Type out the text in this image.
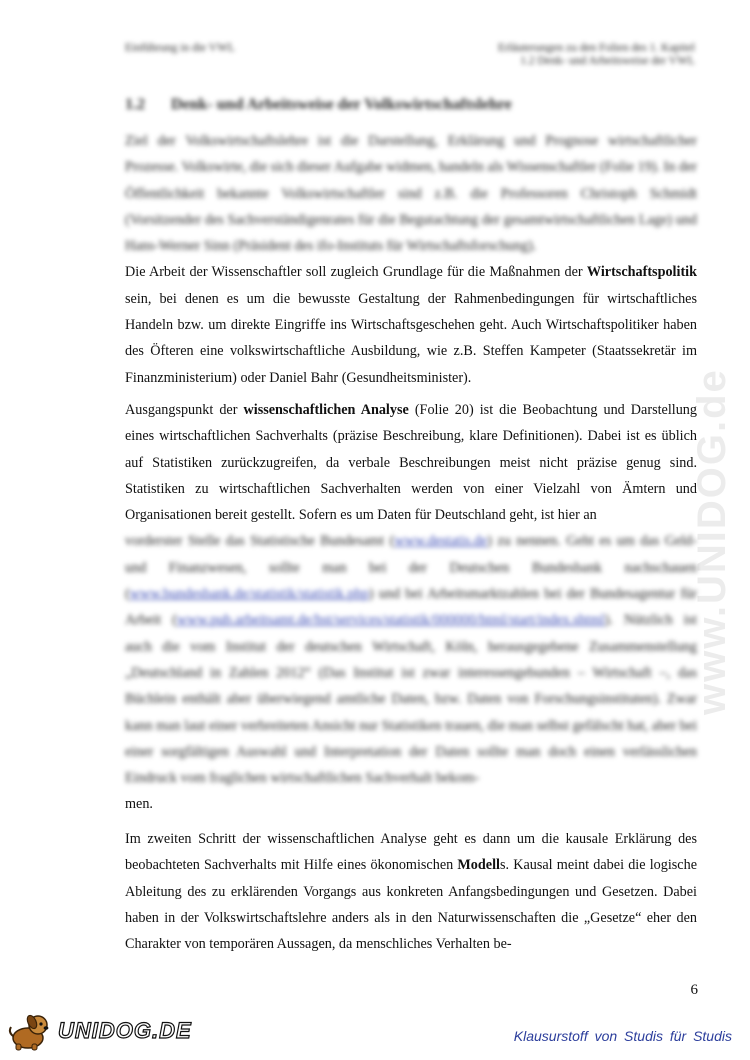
Einführung in die VWL	Erläuterungen zu den Folien des 1. Kapitel
1.2 Denk- und Arbeitsweise der VWL
1.2 Denk- und Arbeitsweise der Volkswirtschaftslehre
Ziel der Volkswirtschaftslehre ist die Darstellung, Erklärung und Prognose wirtschaftlicher Prozesse. Volkswirte, die sich dieser Aufgabe widmen, handeln als Wissenschaftler (Folie 19). In der Öffentlichkeit bekannte Volkswirtschaftler sind z.B. die Professoren Christoph Schmidt (Vorsitzender des Sachverständigenrates für die Begutachtung der gesamtwirtschaftlichen Lage) und Hans-Werner Sinn (Präsident des ifo-Instituts für Wirtschaftsforschung).
Die Arbeit der Wissenschaftler soll zugleich Grundlage für die Maßnahmen der Wirtschaftspolitik sein, bei denen es um die bewusste Gestaltung der Rahmenbedingungen für wirtschaftliches Handeln bzw. um direkte Eingriffe ins Wirtschaftsgeschehen geht. Auch Wirtschaftspolitiker haben des Öfteren eine volkswirtschaftliche Ausbildung, wie z.B. Steffen Kampeter (Staatssekretär im Finanzministerium) oder Daniel Bahr (Gesundheitsminister).
Ausgangspunkt der wissenschaftlichen Analyse (Folie 20) ist die Beobachtung und Darstellung eines wirtschaftlichen Sachverhalts (präzise Beschreibung, klare Definitionen). Dabei ist es üblich auf Statistiken zurückzugreifen, da verbale Beschreibungen meist nicht präzise genug sind. Statistiken zu wirtschaftlichen Sachverhalten werden von einer Vielzahl von Ämtern und Organisationen bereit gestellt. Sofern es um Daten für Deutschland geht, ist hier an
vorderster Stelle das Statistische Bundesamt (www.destatis.de) zu nennen. Geht es um das Geld- und Finanzwesen, sollte man bei der Deutschen Bundesbank nachschauen (www.bundesbank.de/statistik/statistik.php) und bei Arbeitsmarktzahlen bei der Bundesagentur für Arbeit (www.pub.arbeitsamt.de/hst/services/statistik/000000/html/start/index.shtml). Nützlich ist auch die vom Institut der deutschen Wirtschaft, Köln, herausgegebene Zusammenstellung „Deutschland in Zahlen 2012“ (Das Institut ist zwar interessengebunden – Wirtschaft –, das Büchlein enthält aber überwiegend amtliche Daten, bzw. Daten von Forschungsinstituten). Zwar kann man laut einer verbreiteten Ansicht nur Statistiken trauen, die man selbst gefälscht hat, aber bei einer sorgfältigen Auswahl und Interpretation der Daten sollte man doch einen verlässlichen Eindruck vom fraglichen wirtschaftlichen Sachverhalt bekom-
men.
Im zweiten Schritt der wissenschaftlichen Analyse geht es dann um die kausale Erklärung des beobachteten Sachverhalts mit Hilfe eines ökonomischen Modells. Kausal meint dabei die logische Ableitung des zu erklärenden Vorgangs aus konkreten Anfangsbedingungen und Gesetzen. Dabei haben in der Volkswirtschaftslehre anders als in den Naturwissenschaften die „Gesetze“ eher den Charakter von temporären Aussagen, da menschliches Verhalten be-
6
www.UNIDOG.de
UNIDOG.DE	Klausurstoff von Studis für Studis
